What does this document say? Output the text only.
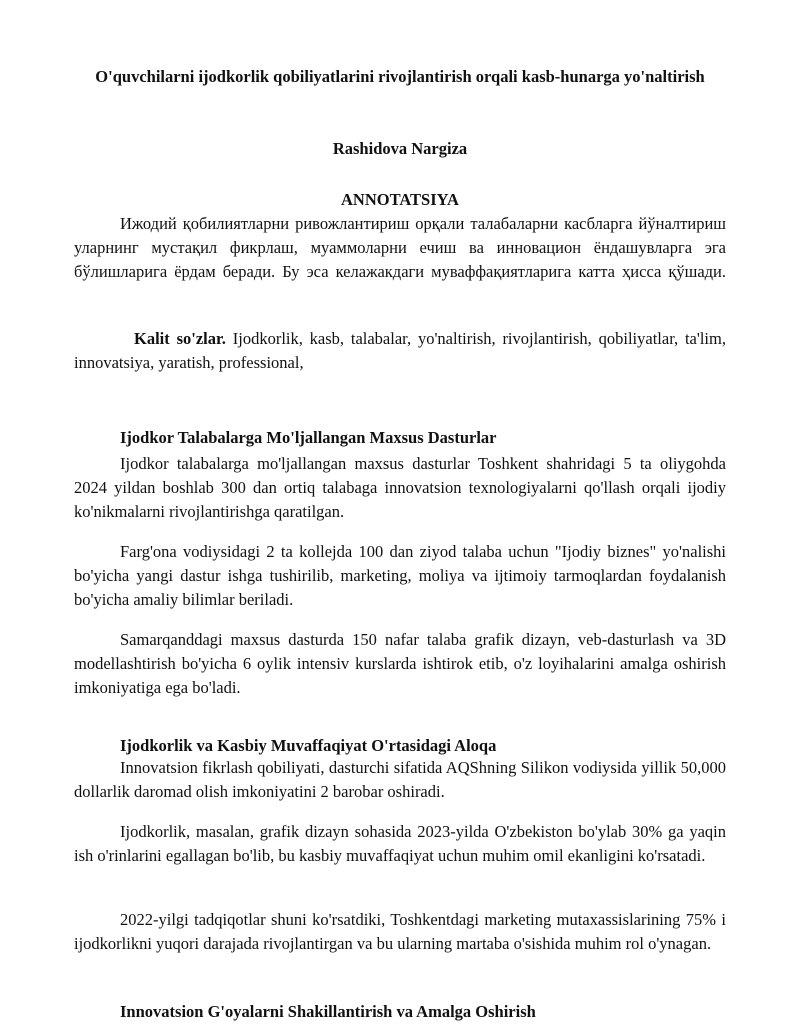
O'quvchilarni ijodkorlik qobiliyatlarini rivojlantirish orqali kasb-hunarga yo'naltirish
Rashidova Nargiza
ANNOTATSIYA

Ижодий қобилиятларни ривожлантириш орқали талабаларни касбларга йўналтириш уларнинг мустақил фикрлаш, муаммоларни ечиш ва инновацион ёндашувларга эга бўлишларига ёрдам беради. Бу эса келажакдаги муваффақиятларига катта ҳисса қўшади.

Kalit so'zlar. Ijodkorlik, kasb, talabalar, yo'naltirish, rivojlantirish, qobiliyatlar, ta'lim, innovatsiya, yaratish, professional,

Ijodkor Talabalarga Mo'ljallangan Maxsus Dasturlar

Ijodkor talabalarga mo'ljallangan maxsus dasturlar Toshkent shahridagi 5 ta oliygohda 2024 yildan boshlab 300 dan ortiq talabaga innovatsion texnologiyalarni qo'llash orqali ijodiy ko'nikmalarni rivojlantirishga qaratilgan.

Farg'ona vodiysidagi 2 ta kollejda 100 dan ziyod talaba uchun "Ijodiy biznes" yo'nalishi bo'yicha yangi dastur ishga tushirilib, marketing, moliya va ijtimoiy tarmoqlardan foydalanish bo'yicha amaliy bilimlar beriladi.

Samarqanddagi maxsus dasturda 150 nafar talaba grafik dizayn, veb-dasturlash va 3D modellashtirish bo'yicha 6 oylik intensiv kurslarda ishtirok etib, o'z loyihalarini amalga oshirish imkoniyatiga ega bo'ladi.

Ijodkorlik va Kasbiy Muvaffaqiyat O'rtasidagi Aloqa

Innovatsion fikrlash qobiliyati, dasturchi sifatida AQShning Silikon vodiysida yillik 50,000 dollarlik daromad olish imkoniyatini 2 barobar oshiradi.

Ijodkorlik, masalan, grafik dizayn sohasida 2023-yilda O'zbekiston bo'ylab 30% ga yaqin ish o'rinlarini egallagan bo'lib, bu kasbiy muvaffaqiyat uchun muhim omil ekanligini ko'rsatadi.

2022-yilgi tadqiqotlar shuni ko'rsatdiki, Toshkentdagi marketing mutaxassislarining 75% i ijodkorlikni yuqori darajada rivojlantirgan va bu ularning martaba o'sishida muhim rol o'ynagan.

Innovatsion G'oyalarni Shakillantirish va Amalga Oshirish
